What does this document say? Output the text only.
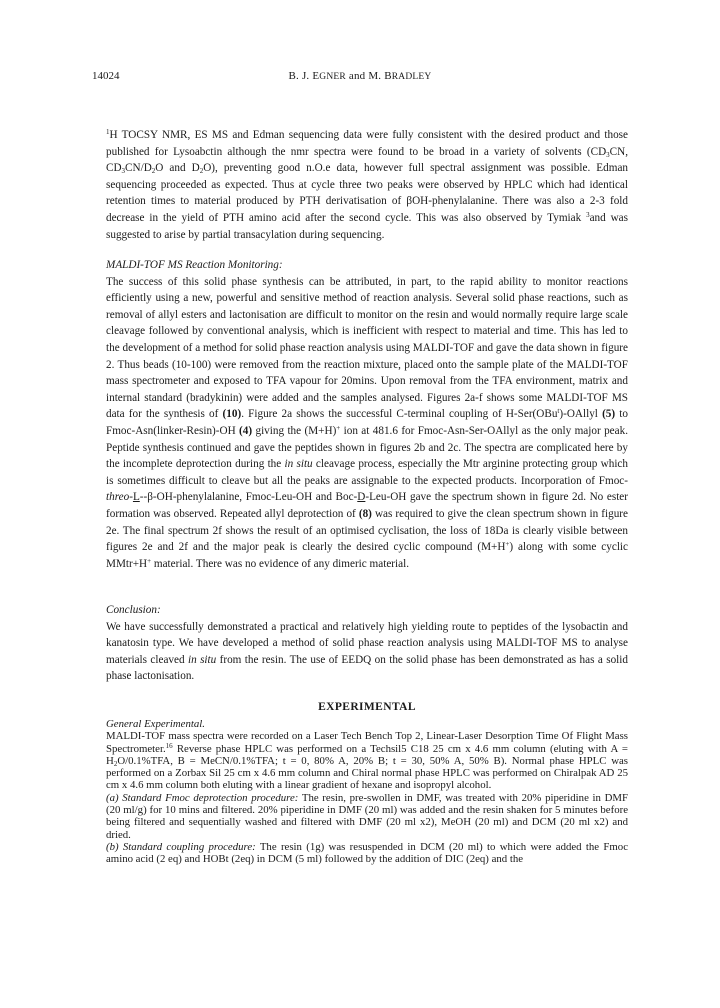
14024	B. J. EGNER and M. BRADLEY

$^1$H TOCSY NMR, ES MS and Edman sequencing data were fully consistent with the desired product and those published for Lysoabctin although the nmr spectra were found to be broad in a variety of solvents ($CD_3CN$, $CD_3CN/D_2O$ and $D_2O$), preventing good n.O.e data, however full spectral assignment was possible. Edman sequencing proceeded as expected. Thus at cycle three two peaks were observed by HPLC which had identical retention times to material produced by PTH derivatisation of βOH-phenylalanine. There was also a 2-3 fold decrease in the yield of PTH amino acid after the second cycle. This was also observed by Tymiak $^3$and was suggested to arise by partial transacylation during sequencing.

MALDI-TOF MS Reaction Monitoring:

The success of this solid phase synthesis can be attributed, in part, to the rapid ability to monitor reactions efficiently using a new, powerful and sensitive method of reaction analysis. Several solid phase reactions, such as removal of allyl esters and lactonisation are difficult to monitor on the resin and would normally require large scale cleavage followed by conventional analysis, which is inefficient with respect to material and time. This has led to the development of a method for solid phase reaction analysis using MALDI-TOF and gave the data shown in figure 2. Thus beads (10-100) were removed from the reaction mixture, placed onto the sample plate of the MALDI-TOF mass spectrometer and exposed to TFA vapour for 20mins. Upon removal from the TFA environment, matrix and internal standard (bradykinin) were added and the samples analysed. Figures 2a-f shows some MALDI-TOF MS data for the synthesis of (10). Figure 2a shows the successful C-terminal coupling of H-Ser(OBu$^t$)-OAllyl (5) to Fmoc-Asn(linker-Resin)-OH (4) giving the (M+H)+ ion at 481.6 for Fmoc-Asn-Ser-OAllyl as the only major peak. Peptide synthesis continued and gave the peptides shown in figures 2b and 2c. The spectra are complicated here by the incomplete deprotection during the in situ cleavage process, especially the Mtr arginine protecting group which is sometimes difficult to cleave but all the peaks are assignable to the expected products. Incorporation of Fmoc-threo-L--β-OH-phenylalanine, Fmoc-Leu-OH and Boc-D-Leu-OH gave the spectrum shown in figure 2d. No ester formation was observed. Repeated allyl deprotection of (8) was required to give the clean spectrum shown in figure 2e. The final spectrum 2f shows the result of an optimised cyclisation, the loss of 18Da is clearly visible between figures 2e and 2f and the major peak is clearly the desired cyclic compound (M+H+) along with some cyclic MMtr+H+ material. There was no evidence of any dimeric material.

Conclusion:

We have successfully demonstrated a practical and relatively high yielding route to peptides of the lysobactin and kanatosin type. We have developed a method of solid phase reaction analysis using MALDI-TOF MS to analyse materials cleaved in situ from the resin. The use of EEDQ on the solid phase has been demonstrated as has a solid phase lactonisation.

EXPERIMENTAL

General Experimental.

MALDI-TOF mass spectra were recorded on a Laser Tech Bench Top 2, Linear-Laser Desorption Time Of Flight Mass Spectrometer.$^{16}$ Reverse phase HPLC was performed on a Techsil5 C18 25 cm x 4.6 mm column (eluting with $A = H_2O/0.1\%TFA$, B = MeCN/0.1%TFA; t = 0, 80% A, 20% B; t = 30, 50% A, 50% B). Normal phase HPLC was performed on a Zorbax Sil 25 cm x 4.6 mm column and Chiral normal phase HPLC was performed on Chiralpak AD 25 cm x 4.6 mm column both eluting with a linear gradient of hexane and isopropyl alcohol.

(a) Standard Fmoc deprotection procedure: The resin, pre-swollen in DMF, was treated with 20% piperidine in DMF (20 ml/g) for 10 mins and filtered. 20% piperidine in DMF (20 ml) was added and the resin shaken for 5 minutes before being filtered and sequentially washed and filtered with DMF (20 ml x2), MeOH (20 ml) and DCM (20 ml x2) and dried.

(b) Standard coupling procedure: The resin (1g) was resuspended in DCM (20 ml) to which were added the Fmoc amino acid (2 eq) and HOBt (2eq) in DCM (5 ml) followed by the addition of DIC (2eq) and the
